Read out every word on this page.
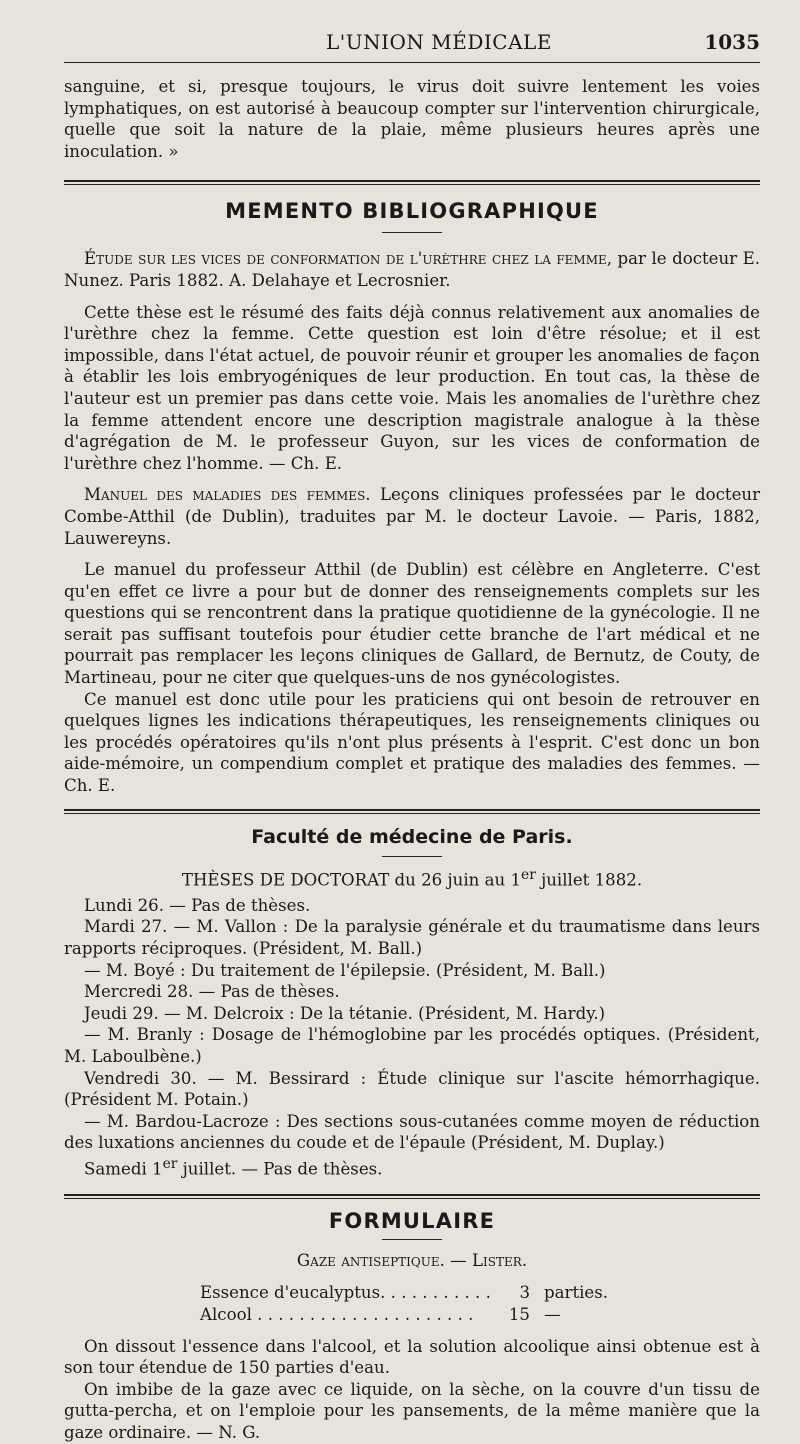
L'UNION MÉDICALE	1035

sanguine, et si, presque toujours, le virus doit suivre lentement les voies lymphatiques, on est autorisé à beaucoup compter sur l'intervention chirurgicale, quelle que soit la nature de la plaie, même plusieurs heures après une inoculation. »

MEMENTO BIBLIOGRAPHIQUE

Étude sur les vices de conformation de l'urèthre chez la femme, par le docteur E. Nunez. Paris 1882. A. Delahaye et Lecrosnier.

Cette thèse est le résumé des faits déjà connus relativement aux anomalies de l'urèthre chez la femme. Cette question est loin d'être résolue; et il est impossible, dans l'état actuel, de pouvoir réunir et grouper les anomalies de façon à établir les lois embryogéniques de leur production. En tout cas, la thèse de l'auteur est un premier pas dans cette voie. Mais les anomalies de l'urèthre chez la femme attendent encore une description magistrale analogue à la thèse d'agrégation de M. le professeur Guyon, sur les vices de conformation de l'urèthre chez l'homme. — Ch. E.

Manuel des maladies des femmes. Leçons cliniques professées par le docteur Combe-Atthil (de Dublin), traduites par M. le docteur Lavoie. — Paris, 1882, Lauwereyns.

Le manuel du professeur Atthil (de Dublin) est célèbre en Angleterre. C'est qu'en effet ce livre a pour but de donner des renseignements complets sur les questions qui se rencontrent dans la pratique quotidienne de la gynécologie. Il ne serait pas suffisant toutefois pour étudier cette branche de l'art médical et ne pourrait pas remplacer les leçons cliniques de Gallard, de Bernutz, de Couty, de Martineau, pour ne citer que quelques-uns de nos gynécologistes.

Ce manuel est donc utile pour les praticiens qui ont besoin de retrouver en quelques lignes les indications thérapeutiques, les renseignements cliniques ou les procédés opératoires qu'ils n'ont plus présents à l'esprit. C'est donc un bon aide-mémoire, un compendium complet et pratique des maladies des femmes. — Ch. E.

Faculté de médecine de Paris.

THÈSES DE DOCTORAT du 26 juin au 1er juillet 1882.

Lundi 26. — Pas de thèses.

Mardi 27. — M. Vallon : De la paralysie générale et du traumatisme dans leurs rapports réciproques. (Président, M. Ball.)

— M. Boyé : Du traitement de l'épilepsie. (Président, M. Ball.)

Mercredi 28. — Pas de thèses.

Jeudi 29. — M. Delcroix : De la tétanie. (Président, M. Hardy.)

— M. Branly : Dosage de l'hémoglobine par les procédés optiques. (Président, M. Laboulbène.)

Vendredi 30. — M. Bessirard : Étude clinique sur l'ascite hémorrhagique. (Président M. Potain.)

— M. Bardou-Lacroze : Des sections sous-cutanées comme moyen de réduction des luxations anciennes du coude et de l'épaule (Président, M. Duplay.)

Samedi 1er juillet. — Pas de thèses.

FORMULAIRE

Gaze antiseptique. — Lister.

Essence d'eucalyptus. . . . . . . . . . .	3 parties.
Alcool . . . . . . . . . . . . . . . . . . . . .	15 —

On dissout l'essence dans l'alcool, et la solution alcoolique ainsi obtenue est à son tour étendue de 150 parties d'eau.

On imbibe de la gaze avec ce liquide, on la sèche, on la couvre d'un tissu de gutta-percha, et on l'emploie pour les pansements, de la même manière que la gaze ordinaire. — N. G.
